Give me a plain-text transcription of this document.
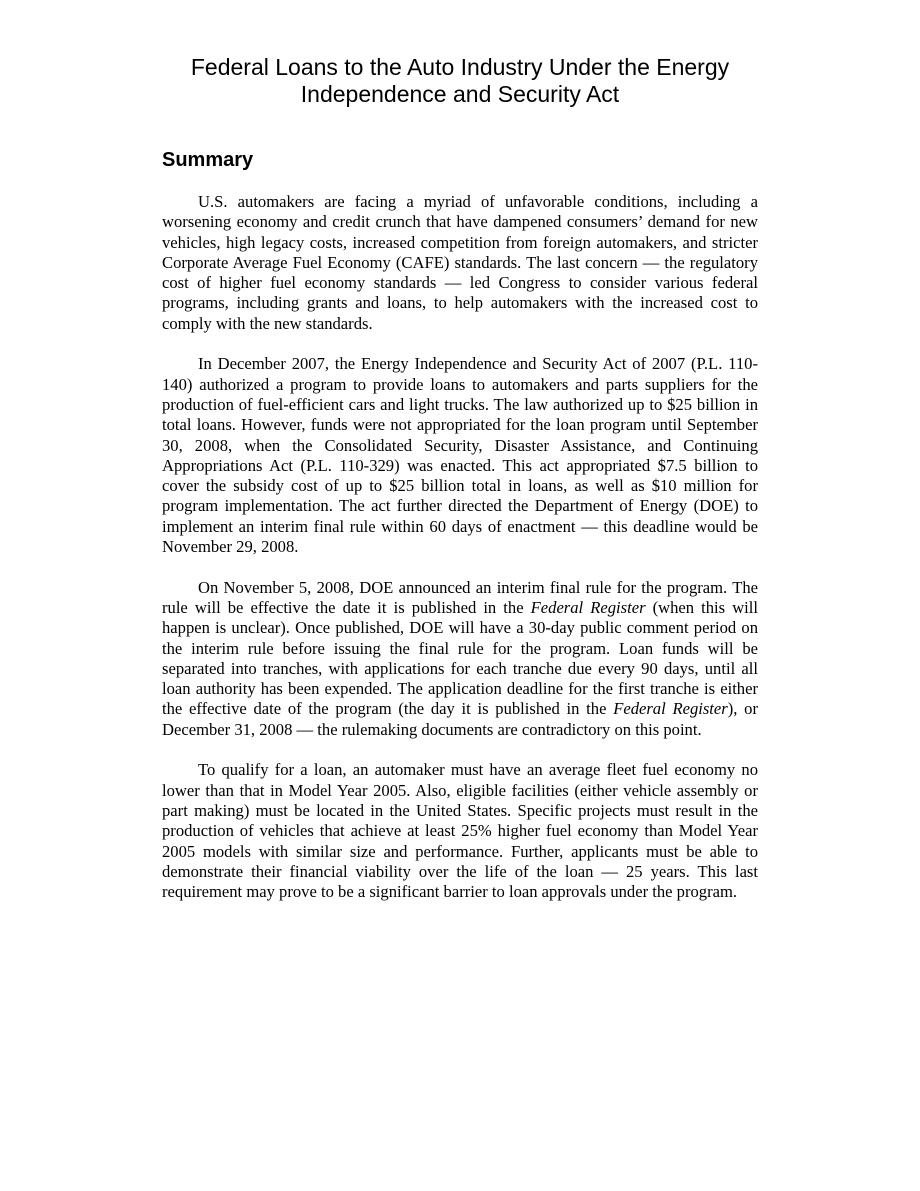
Federal Loans to the Auto Industry Under the Energy
Independence and Security Act
Summary

U.S. automakers are facing a myriad of unfavorable conditions, including a worsening economy and credit crunch that have dampened consumers’ demand for new vehicles, high legacy costs, increased competition from foreign automakers, and stricter Corporate Average Fuel Economy (CAFE) standards. The last concern — the regulatory cost of higher fuel economy standards — led Congress to consider various federal programs, including grants and loans, to help automakers with the increased cost to comply with the new standards.

In December 2007, the Energy Independence and Security Act of 2007 (P.L. 110-140) authorized a program to provide loans to automakers and parts suppliers for the production of fuel-efficient cars and light trucks. The law authorized up to $25 billion in total loans. However, funds were not appropriated for the loan program until September 30, 2008, when the Consolidated Security, Disaster Assistance, and Continuing Appropriations Act (P.L. 110-329) was enacted. This act appropriated $7.5 billion to cover the subsidy cost of up to $25 billion total in loans, as well as $10 million for program implementation. The act further directed the Department of Energy (DOE) to implement an interim final rule within 60 days of enactment — this deadline would be November 29, 2008.

On November 5, 2008, DOE announced an interim final rule for the program. The rule will be effective the date it is published in the Federal Register (when this will happen is unclear). Once published, DOE will have a 30-day public comment period on the interim rule before issuing the final rule for the program. Loan funds will be separated into tranches, with applications for each tranche due every 90 days, until all loan authority has been expended. The application deadline for the first tranche is either the effective date of the program (the day it is published in the Federal Register), or December 31, 2008 — the rulemaking documents are contradictory on this point.

To qualify for a loan, an automaker must have an average fleet fuel economy no lower than that in Model Year 2005. Also, eligible facilities (either vehicle assembly or part making) must be located in the United States. Specific projects must result in the production of vehicles that achieve at least 25% higher fuel economy than Model Year 2005 models with similar size and performance. Further, applicants must be able to demonstrate their financial viability over the life of the loan — 25 years. This last requirement may prove to be a significant barrier to loan approvals under the program.
